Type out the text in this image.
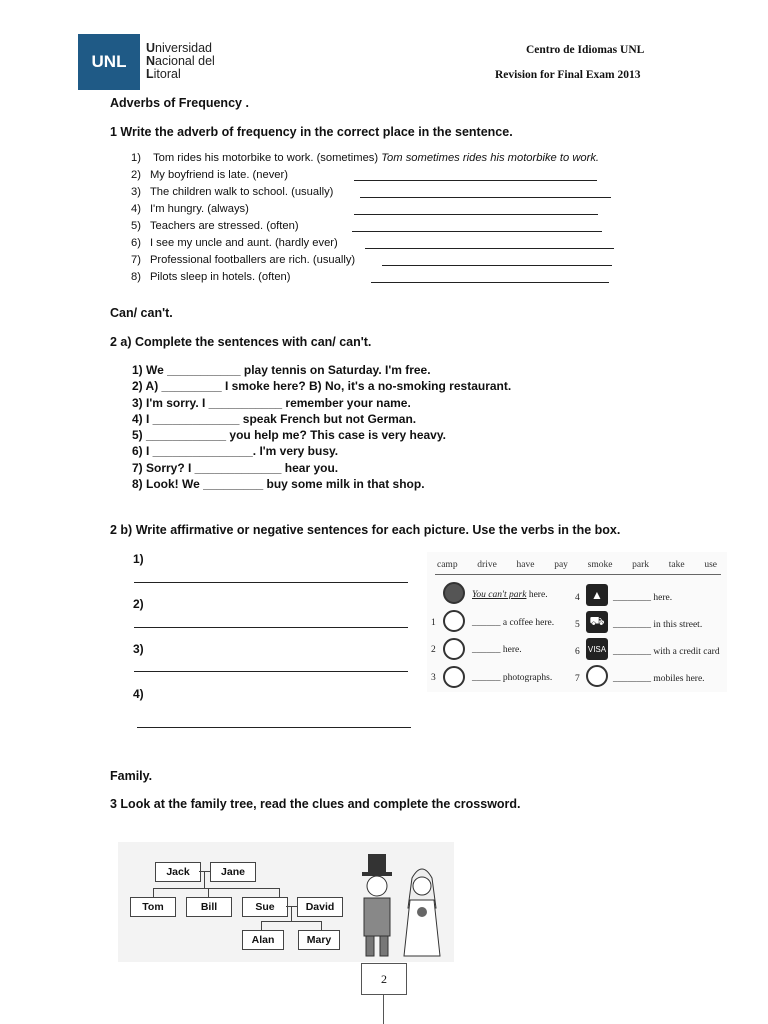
UNL
Universidad
Nacional del
Litoral
Centro de Idiomas UNL
Revision for Final Exam 2013
Adverbs of Frequency .
1 Write the adverb of frequency in the correct place in the sentence.
1) Tom rides his motorbike to work. (sometimes) Tom sometimes rides his motorbike to work.
2) My boyfriend is late. (never)
3) The children walk to school. (usually)
4) I'm hungry. (always)
5) Teachers are stressed. (often)
6) I see my uncle and aunt. (hardly ever)
7) Professional footballers are rich. (usually)
8) Pilots sleep in hotels. (often)
Can/ can't.
2 a) Complete the sentences with can/ can't.
1) We ___________ play tennis on Saturday. I'm free.
2) A) _________ I smoke here? B) No, it's a no-smoking restaurant.
3) I'm sorry. I ___________ remember your name.
4) I _____________ speak French but not German.
5) ____________ you help me? This case is very heavy.
6) I _______________. I'm very busy.
7) Sorry? I _____________ hear you.
8) Look! We _________ buy some milk in that shop.
2 b) Write affirmative or negative sentences for each picture. Use the verbs in the box.
1)
2)
3)
4)
camp drive have pay smoke park take use
You can't park here.
1	______ a coffee here.
2	______ here.
3	______ photographs.
4 ▲	________ here.
5 ⛟ ________ in this street.
6 VISA ________ with a credit card
7	________ mobiles here.
Family.
3 Look at the family tree, read the clues and complete the crossword.
Jack	Jane
Tom	Bill	Sue	David
Alan	Mary
2
